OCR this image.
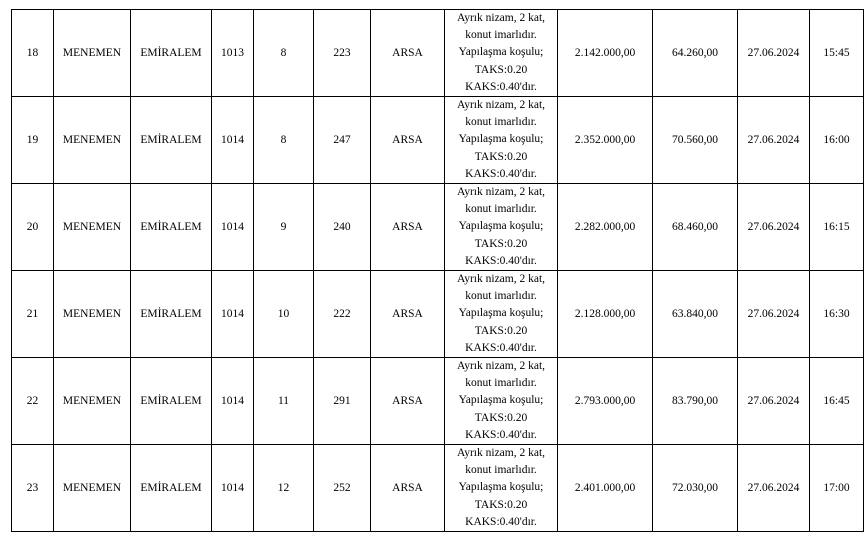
18	MENEMEN	EMİRALEM	1013	8	223	ARSA	Ayrık nizam, 2 kat,
konut imarlıdır.
Yapılaşma koşulu;
TAKS:0.20
KAKS:0.40'dır.	2.142.000,00	64.260,00	27.06.2024	15:45
19	MENEMEN	EMİRALEM	1014	8	247	ARSA	Ayrık nizam, 2 kat,
konut imarlıdır.
Yapılaşma koşulu;
TAKS:0.20
KAKS:0.40'dır.	2.352.000,00	70.560,00	27.06.2024	16:00
20	MENEMEN	EMİRALEM	1014	9	240	ARSA	Ayrık nizam, 2 kat,
konut imarlıdır.
Yapılaşma koşulu;
TAKS:0.20
KAKS:0.40'dır.	2.282.000,00	68.460,00	27.06.2024	16:15
21	MENEMEN	EMİRALEM	1014	10	222	ARSA	Ayrık nizam, 2 kat,
konut imarlıdır.
Yapılaşma koşulu;
TAKS:0.20
KAKS:0.40'dır.	2.128.000,00	63.840,00	27.06.2024	16:30
22	MENEMEN	EMİRALEM	1014	11	291	ARSA	Ayrık nizam, 2 kat,
konut imarlıdır.
Yapılaşma koşulu;
TAKS:0.20
KAKS:0.40'dır.	2.793.000,00	83.790,00	27.06.2024	16:45
23	MENEMEN	EMİRALEM	1014	12	252	ARSA	Ayrık nizam, 2 kat,
konut imarlıdır.
Yapılaşma koşulu;
TAKS:0.20
KAKS:0.40'dır.	2.401.000,00	72.030,00	27.06.2024	17:00
